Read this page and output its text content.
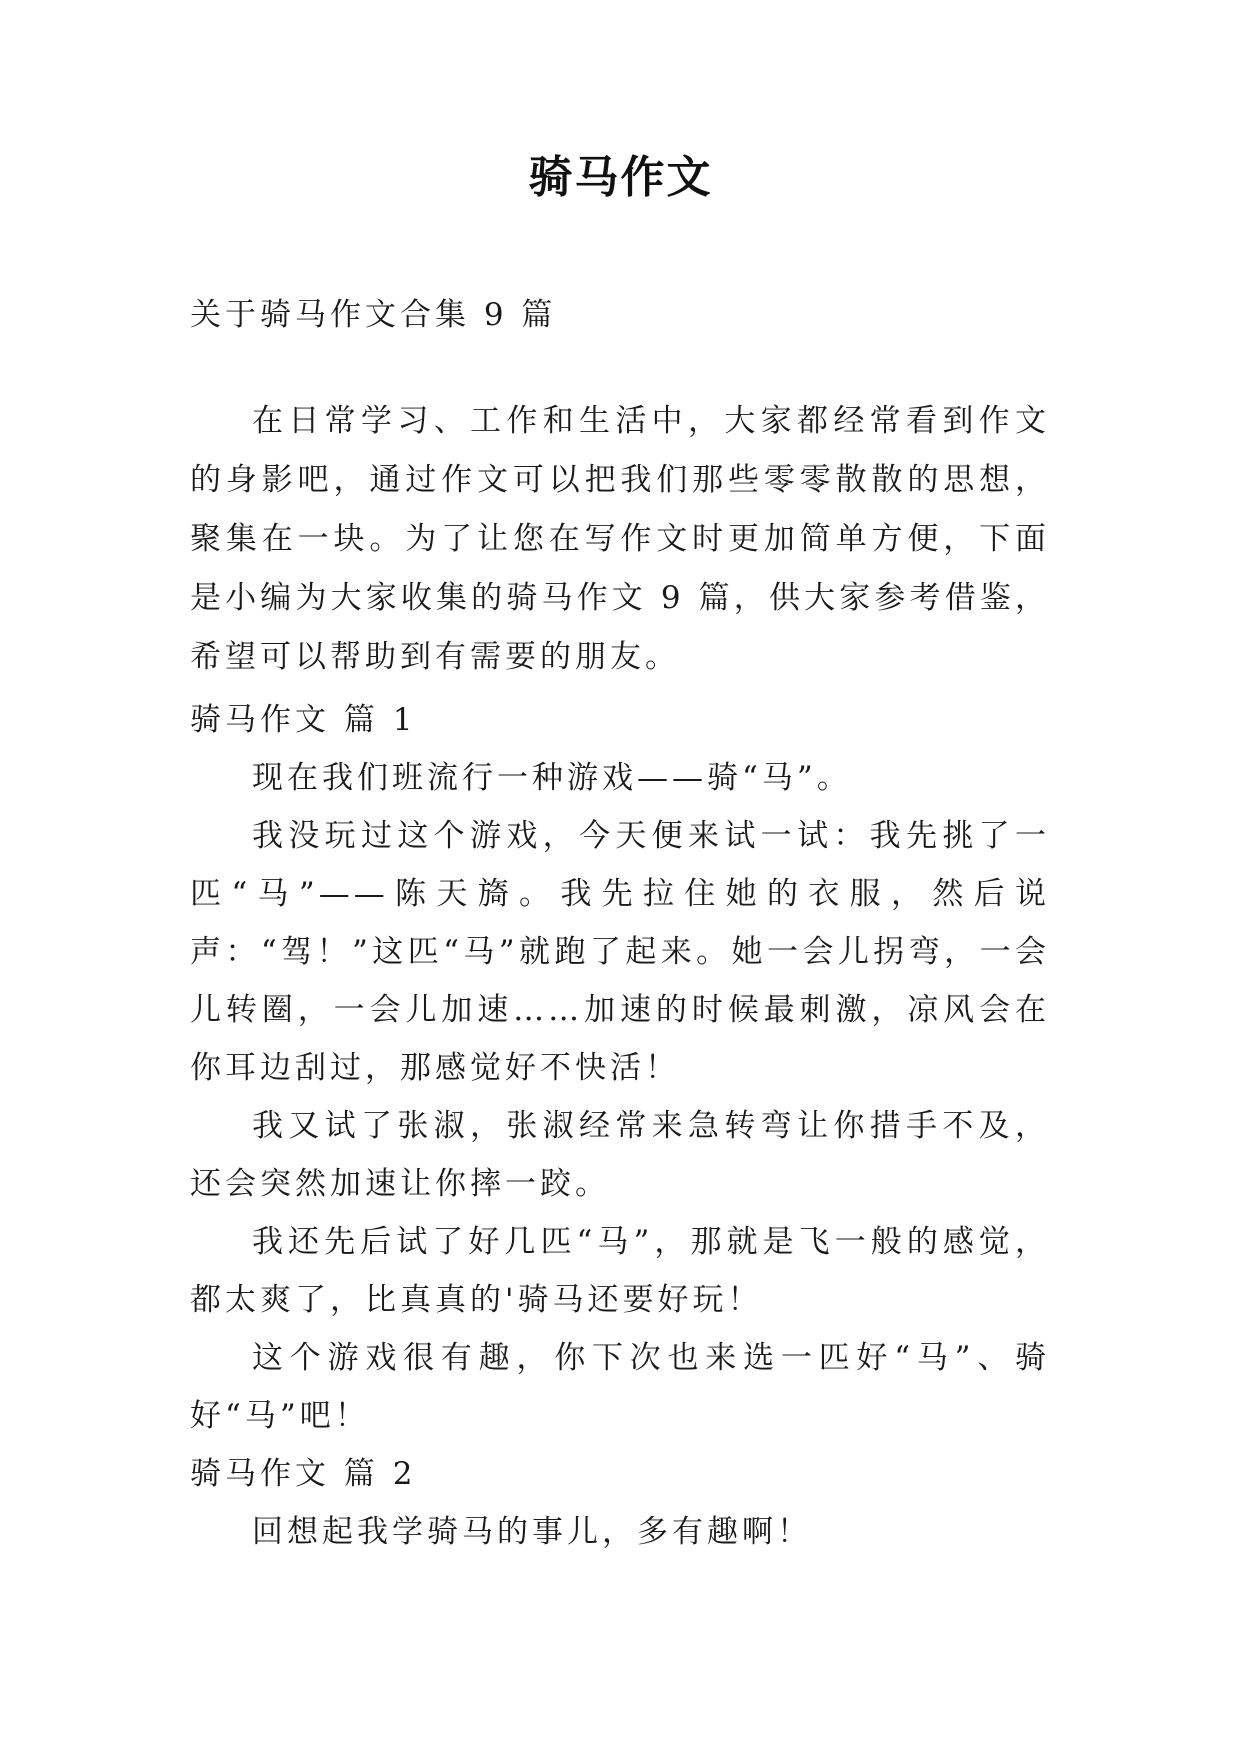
骑马作文

关于骑马作文合集 9 篇

在日常学习、工作和生活中，大家都经常看到作文的身影吧，通过作文可以把我们那些零零散散的思想，聚集在一块。为了让您在写作文时更加简单方便，下面是小编为大家收集的骑马作文 9 篇，供大家参考借鉴，希望可以帮助到有需要的朋友。

骑马作文 篇 1

现在我们班流行一种游戏——骑“马”。

我没玩过这个游戏，今天便来试一试：我先挑了一匹“马”——陈天旖。我先拉住她的衣服，然后说声：“驾！”这匹“马”就跑了起来。她一会儿拐弯，一会儿转圈，一会儿加速……加速的时候最刺激，凉风会在你耳边刮过，那感觉好不快活！

我又试了张淑，张淑经常来急转弯让你措手不及，还会突然加速让你摔一跤。

我还先后试了好几匹“马”，那就是飞一般的感觉，都太爽了，比真真的'骑马还要好玩！

这个游戏很有趣，你下次也来选一匹好“马”、骑好“马”吧！

骑马作文 篇 2

回想起我学骑马的事儿，多有趣啊！
